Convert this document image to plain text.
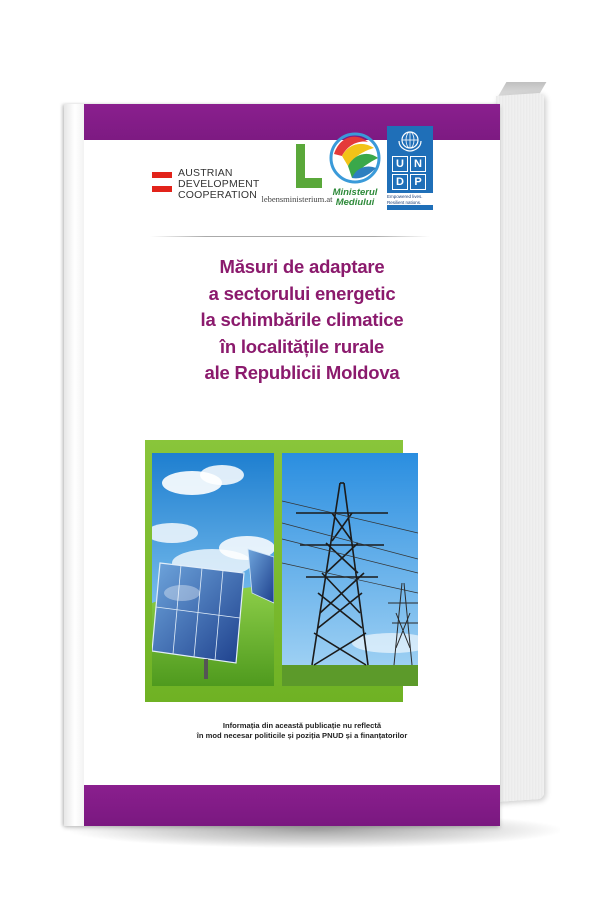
AUSTRIAN
DEVELOPMENT
COOPERATION lebensministerium.at
Ministerul
Mediului
U N
D P
Empowered lives. Resilient nations.
Măsuri de adaptare
a sectorului energetic
la schimbările climatice
în localitățile rurale
ale Republicii Moldova
Informația din această publicație nu reflectă
în mod necesar politicile și poziția PNUD și a finanțatorilor
